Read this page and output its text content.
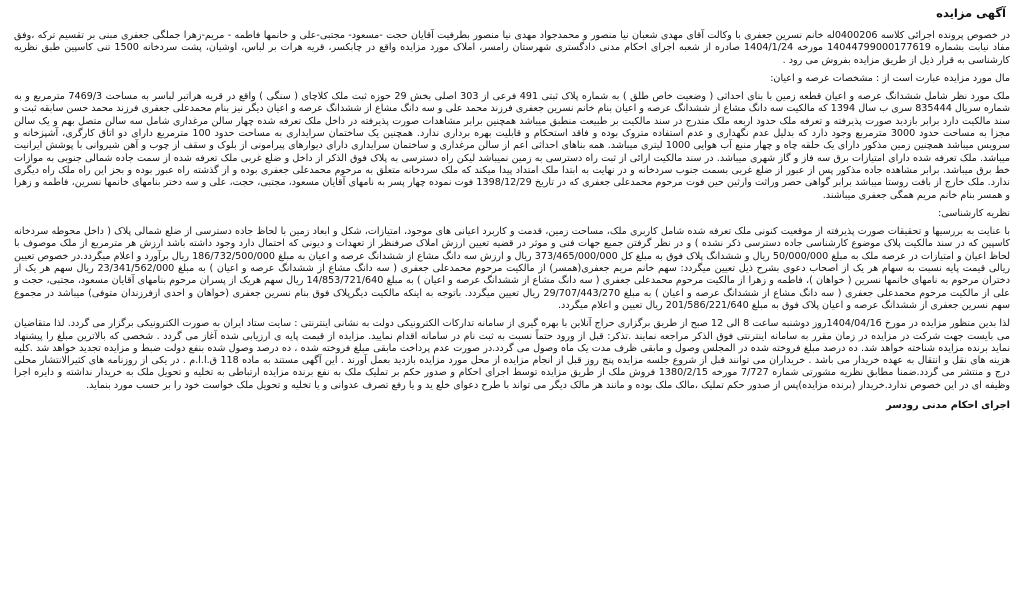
آگهی مزایده

در خصوص پرونده اجرائی کلاسه 0400206له خانم نسرین جعفری با وکالت آقای مهدی شعبان نیا منصور و محمدجواد مهدی نیا منصور بطرفیت آقایان حجت -مسعود- مجتبی-علی و خانمها فاطمه - مریم-زهرا جملگی جعفری مبنی بر تقسیم ترکه ،وفق مفاد نیابت بشماره 14044799000177619 مورخه 1404/1/24 صادره از شعبه اجرای احکام مدنی دادگستری شهرستان رامسر، املاک مورد مزایده واقع در چابکسر، قریه هرات بر لباس، اوشیان، پشت سردخانه 1500 تنی کاسپین طبق نظریه کارشناسی به قرار ذیل از طریق مزایده بفروش می رود .

مال مورد مزایده عبارت است از : مشخصات عرصه و اعیان:

ملک مورد نظر شامل ششدانگ عرصه و اعیان قطعه زمین با بنای احداثی ( وضعیت خاص طلق ) به شماره پلاک ثبتی 491 فرعی از 303 اصلی بخش 29 حوزه ثبت ملک کلاچای ( سنگی ) واقع در قریه هراتبر لباسر به مساحت 7469/3 مترمربع و به شماره سریال 835444 سری ب سال 1394 که مالکیت سه دانگ مشاع از ششدانگ عرصه و اعیان بنام خانم نسرین جعفری فرزند محمد علی و سه دانگ مشاع از ششدانگ عرصه و اعیان دیگر نیز بنام محمدعلی جعفری فرزند محمد حسن سابقه ثبت و سند مالکیت دارد برابر بازدید صورت پذیرفته و تعرفه ملک حدود اربعه ملک مندرج در سند مالکیت بر طبیعت منطبق میباشد همچنین برابر مشاهدات صورت پذیرفته در داخل ملک تعرفه شده چهار سالن مرغداری شامل سه سالن متصل بهم و یک سالن مجزا به مساحت حدود 3000 مترمربع وجود دارد که بدلیل عدم نگهداری و عدم استفاده متروک بوده و فاقد استحکام و قابلیت بهره برداری ندارد. همچنین یک ساختمان سرایداری به مساحت حدود 100 مترمربع دارای دو اتاق کارگری، آشپزخانه و سرویس میباشد همچنین زمین مذکور دارای یک حلقه چاه و چهار منبع آب هوایی 1000 لیتری میباشد. همه بناهای احداثی اعم از سالن مرغداری و ساختمان سرایداری دارای دیوارهای پیرامونی از بلوک و سقف از چوب و آهن شیروانی با پوشش ایرانیت میباشد. ملک تعرفه شده دارای امتیازات برق سه فاز و گاز شهری میباشد. در سند مالکیت ارائی از ثبت راه دسترسی به زمین نمیباشد لیکن راه دسترسی به پلاک فوق الذکر از داخل و ضلع غربی ملک تعرفه شده از سمت جاده شمالی جنوبی به موازات خط برق میباشد. برابر مشاهده جاده مذکور پس از عبور از ضلع غربی بسمت جنوب سردخانه و در نهایت به ابتدا ملک امتداد پیدا میکند که ملک سردخانه متعلق به مرحوم محمدعلی جعفری بوده و از گذشته راه عبور بوده و بجز این راه ملک راه دیگری ندارد. ملک خارج از بافت روستا میباشد برابر گواهی حصر وراثت وارثین حین فوت مرحوم محمدعلی جعفری که در تاریخ 1398/12/29 فوت نموده چهار پسر به نامهای آقایان مسعود، مجتبی، حجت، علی و سه دختر بنامهای خانمها نسرین، فاطمه و زهرا و همسر بنام خانم مریم همگی جعفری میباشند.

نظریه کارشناسی:

با عنایت به بررسیها و تحقیقات صورت پذیرفته از موقعیت کنونی ملک تعرفه شده شامل کاربری ملک، مساحت زمین، قدمت و کاربرد اعیانی های موجود، امتیازات، شکل و ابعاد زمین با لحاظ جاده دسترسی از ضلع شمالی پلاک ( داخل محوطه سردخانه کاسپین که در سند مالکیت پلاک موضوع کارشناسی جاده دسترسی ذکر نشده ) و در نظر گرفتن جمیع جهات فنی و موثر در قضیه تعیین ارزش املاک صرفنظر از تعهدات و دیونی که احتمال دارد وجود داشته باشد ارزش هر مترمربع از ملک موصوف با لحاظ اعیان و امتیازات در عرصه ملک به مبلغ 50/000/000 ریال و ششدانگ پلاک فوق به مبلغ کل 373/465/000/000 ریال و ارزش سه دانگ مشاع از ششدانگ عرصه و اعیان به مبلغ 186/732/500/000 ریال برآورد و اعلام میگردد.در خصوص تعیین ریالی قیمت پایه نسبت به سهام هر یک از اصحاب دعوی بشرح ذیل تعیین میگردد: سهم خانم مریم جعفری(همسر) از مالکیت مرحوم محمدعلی جعفری ( سه دانگ مشاع از ششدانگ عرصه و اعیان ) به مبلغ 23/341/562/000 ریال سهم هر یک از دختران مرحوم به نامهای خانمها نسرین ( خواهان )، فاطمه و زهرا از مالکیت مرحوم محمدعلی جعفری ( سه دانگ مشاع از ششدانگ عرصه و اعیان ) به مبلغ 14/853/721/640 ریال سهم هریک از پسران مرحوم بنامهای آقایان مسعود، مجتبی، حجت و علی از مالکیت مرحوم محمدعلی جعفری ( سه دانگ مشاع از ششدانگ عرصه و اعیان ) به مبلغ 29/707/443/270 ریال تعیین میگردد. باتوجه به اینکه مالکیت دیگرپلاک فوق بنام نسرین جعفری (خواهان و احدی ازفرزندان متوفی) میباشد در مجموع سهم نسرین جعفری از ششدانگ عرصه و اعیان پلاک فوق به مبلغ 201/586/221/640 ریال تعیین و اعلام میگردد.

لذا بدین منظور مزایده در مورخ 1404/04/16روز دوشنبه ساعت 8 الی 12 صبح از طریق برگزاری حراج آنلاین با بهره گیری از سامانه تدارکات الکترونیکی دولت به نشانی اینترنتی : سایت ستاد ایران به صورت الکترونیکی برگزار می گردد. لذا متقاضیان می بایست جهت شرکت در مزایده در زمان مقرر به سامانه اینترنتی فوق الذکر مراجعه نمایند .تذکر: قبل از ورود حتماً نسبت به ثبت نام در سامانه اقدام نمایید. مزایده از قیمت پایه ی ارزیابی شده آغاز می گردد . شخصی که بالاترین مبلغ را پیشنهاد نماید برنده مزایده شناخته خواهد شد. ده درصد مبلغ فروخته شده در المجلس وصول و مابقی ظرف مدت یک ماه وصول می گردد.در صورت عدم پرداخت مابقی مبلغ فروخته شده ، ده درصد وصول شده بنفع دولت ضبط و مزایده تجدید خواهد شد .کلیه هزینه های نقل و انتقال به عهده خریدار می باشد . خریداران می توانند قبل از شروع جلسه مزایده پنج روز قبل از انجام مزایده از محل مورد مزایده بازدید بعمل آورند . این آگهی مستند به ماده 118 ق.ا.ا.م . در یکی از روزنامه های کثیرالانتشار محلی درج و منتشر می گردد.ضمنا مطابق نظریه مشورتی شماره 7/727 مورخه 1380/2/15 فروش ملک از طریق مزایده توسط اجرای احکام و صدور حکم بر تملیک ملک به نفع برنده مزایده ارتباطی به تخلیه و تحویل ملک به خریدار نداشته و دایره اجرا وظیفه ای در این خصوص ندارد.خریدار (برنده مزایده)پس از صدور حکم تملیک ،مالک ملک بوده و مانند هر مالک دیگر می تواند با طرح دعوای خلع ید و یا رفع تصرف عدوانی و یا تخلیه و تحویل ملک خواست خود را بر حسب مورد بنماید.

اجرای احکام مدنی رودسر
